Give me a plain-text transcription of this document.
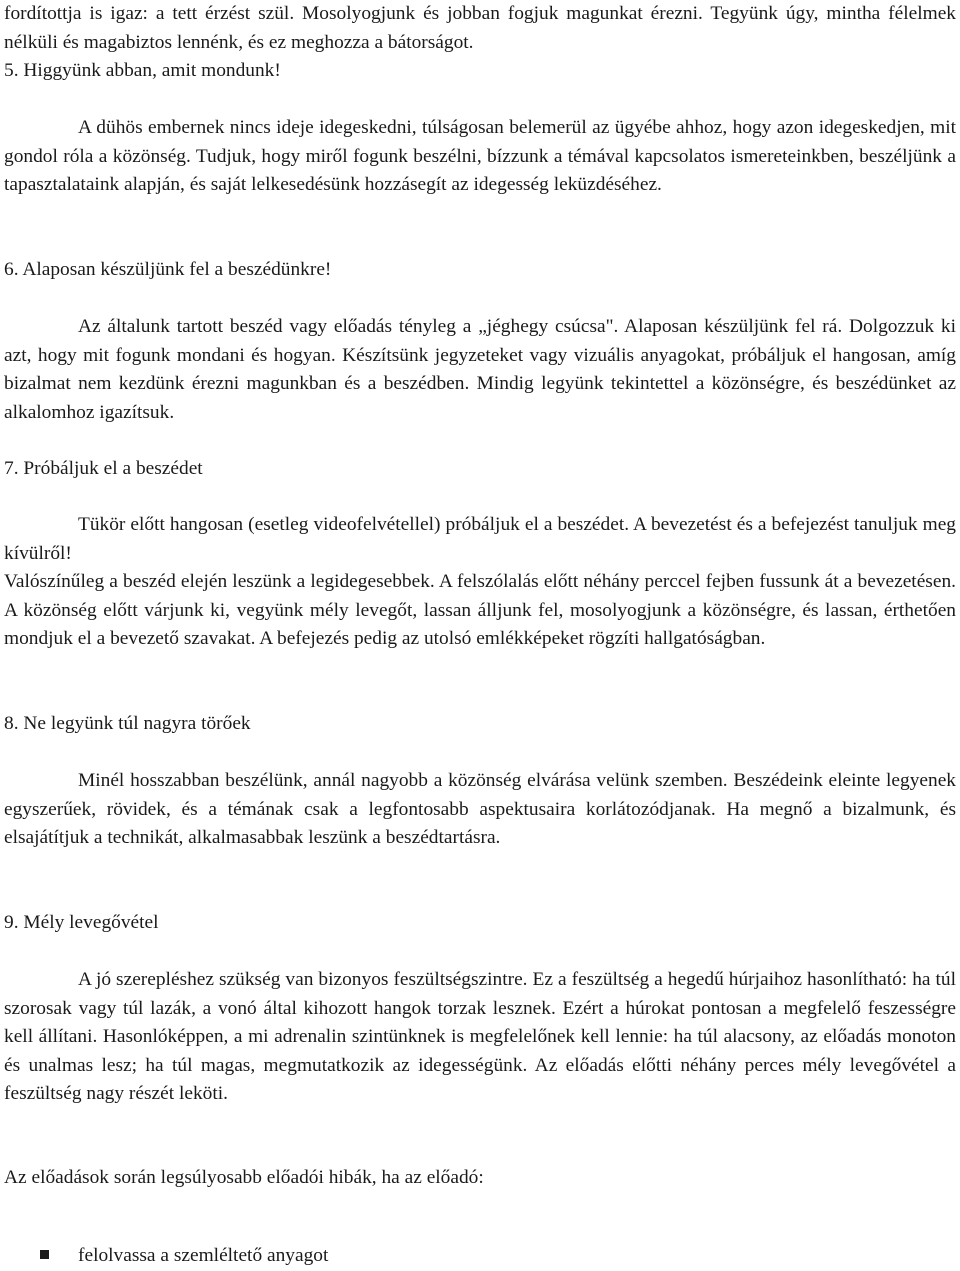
fordítottja is igaz: a tett érzést szül. Mosolyogjunk és jobban fogjuk magunkat érezni. Tegyünk úgy, mintha félelmek nélküli és magabiztos lennénk, és ez meghozza a bátorságot.
5. Higgyünk abban, amit mondunk!
A dühös embernek nincs ideje idegeskedni, túlságosan belemerül az ügyébe ahhoz, hogy azon idegeskedjen, mit gondol róla a közönség. Tudjuk, hogy miről fogunk beszélni, bízzunk a témával kapcsolatos ismereteinkben, beszéljünk a tapasztalataink alapján, és saját lelkesedésünk hozzásegít az idegesség leküzdéséhez.
6. Alaposan készüljünk fel a beszédünkre!
Az általunk tartott beszéd vagy előadás tényleg a „jéghegy csúcsa". Alaposan készüljünk fel rá. Dolgozzuk ki azt, hogy mit fogunk mondani és hogyan. Készítsünk jegyzeteket vagy vizuális anyagokat, próbáljuk el hangosan, amíg bizalmat nem kezdünk érezni magunkban és a beszédben. Mindig legyünk tekintettel a közönségre, és beszédünket az alkalomhoz igazítsuk.
7. Próbáljuk el a beszédet
Tükör előtt hangosan (esetleg videofelvétellel) próbáljuk el a beszédet. A bevezetést és a befejezést tanuljuk meg kívülről!
Valószínűleg a beszéd elején leszünk a legidegesebbek. A felszólalás előtt néhány perccel fejben fussunk át a bevezetésen. A közönség előtt várjunk ki, vegyünk mély levegőt, lassan álljunk fel, mosolyogjunk a közönségre, és lassan, érthetően mondjuk el a bevezető szavakat. A befejezés pedig az utolsó emlékképeket rögzíti hallgatóságban.
8. Ne legyünk túl nagyra törőek
Minél hosszabban beszélünk, annál nagyobb a közönség elvárása velünk szemben. Beszédeink eleinte legyenek egyszerűek, rövidek, és a témának csak a legfontosabb aspektusaira korlátozódjanak. Ha megnő a bizalmunk, és elsajátítjuk a technikát, alkalmasabbak leszünk a beszédtartásra.
9. Mély levegővétel
A jó szerepléshez szükség van bizonyos feszültségszintre. Ez a feszültség a hegedű húrjaihoz hasonlítható: ha túl szorosak vagy túl lazák, a vonó által kihozott hangok torzak lesznek. Ezért a húrokat pontosan a megfelelő feszességre kell állítani. Hasonlóképpen, a mi adrenalin szintünknek is megfelelőnek kell lennie: ha túl alacsony, az előadás monoton és unalmas lesz; ha túl magas, megmutatkozik az idegességünk. Az előadás előtti néhány perces mély levegővétel a feszültség nagy részét leköti.
Az előadások során legsúlyosabb előadói hibák, ha az előadó:
felolvassa a szemléltető anyagot
